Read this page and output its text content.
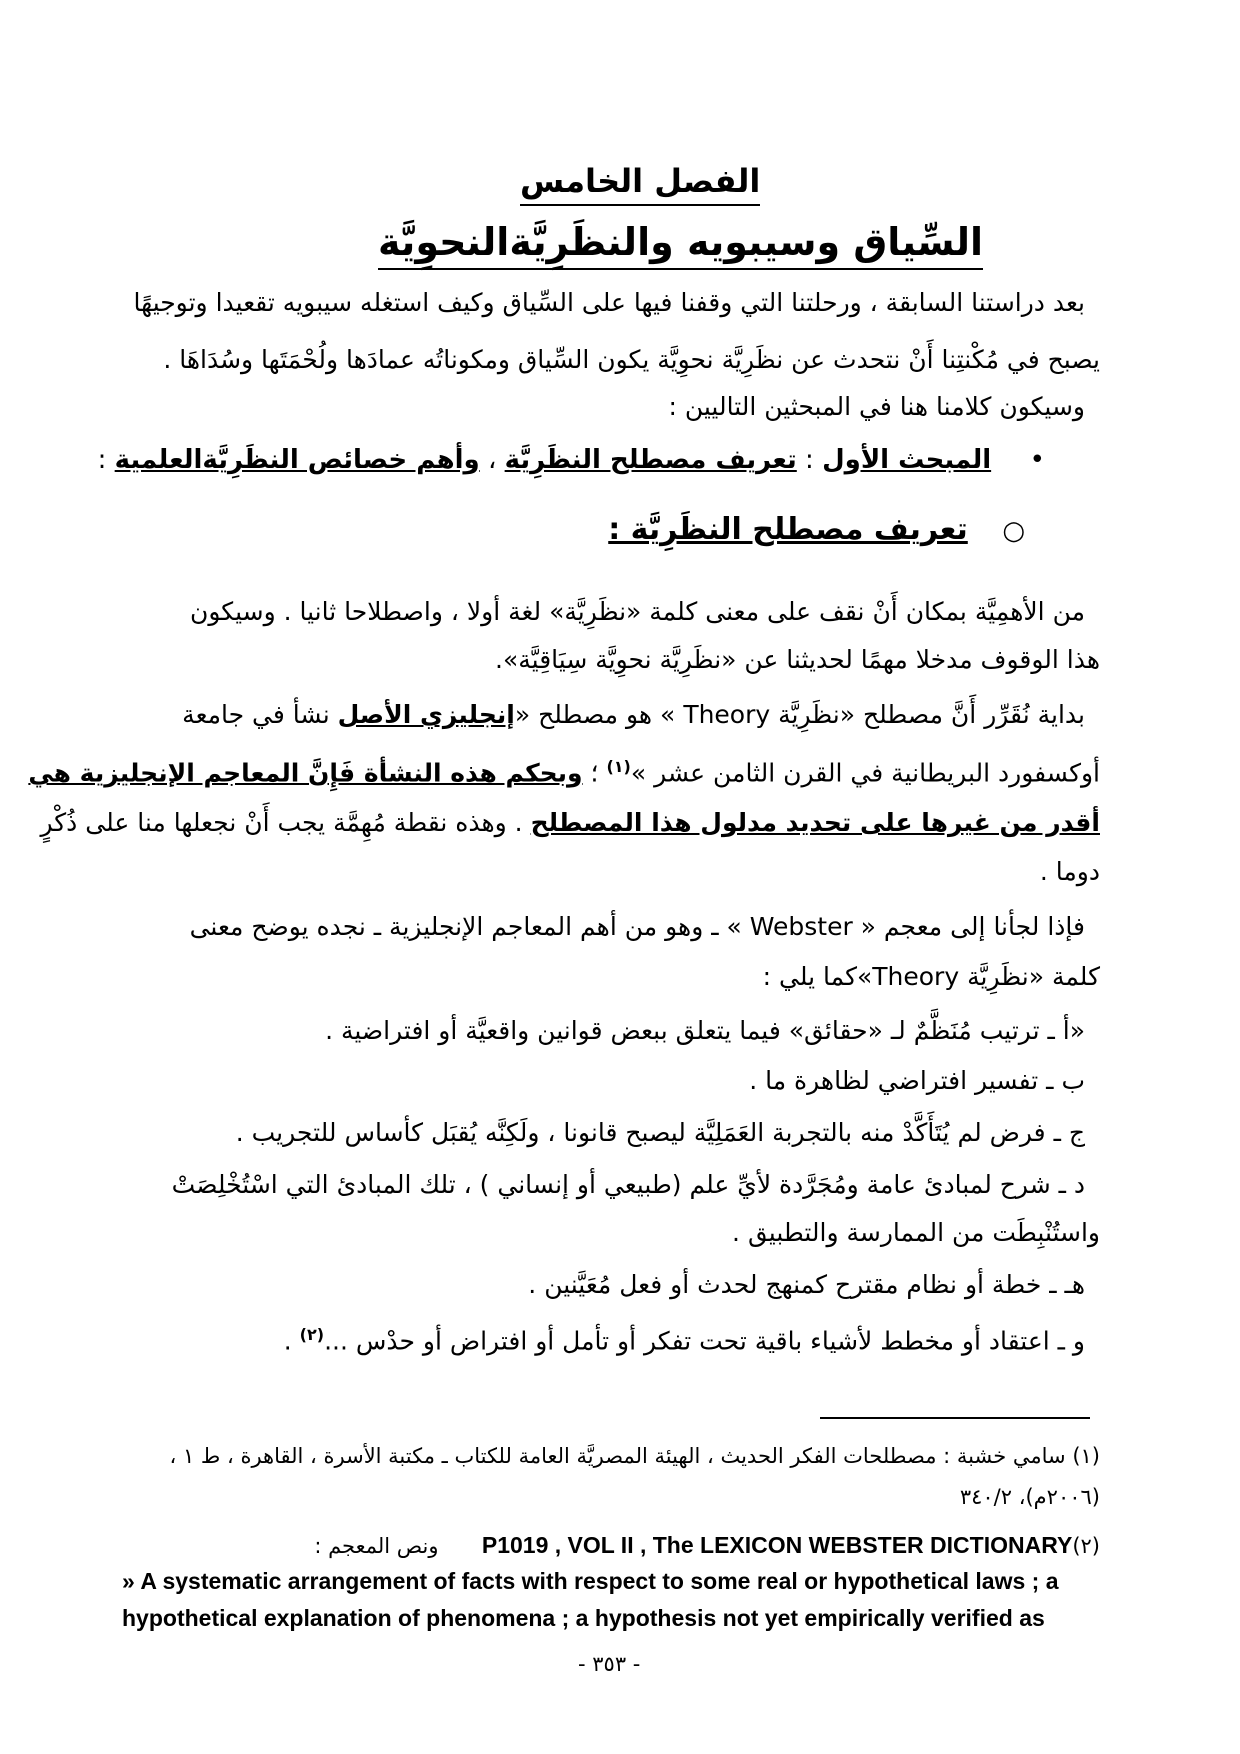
الفصل الخامس
السِّياق وسيبويه والنظَرِيَّةالنحوِيَّة
بعد دراستنا السابقة ، ورحلتنا التي وقفنا فيها على السِّياق وكيف استغله سيبويه تقعيدا وتوجيهًا
يصبح في مُكْنتِنا أَنْ نتحدث عن نظَرِيَّة نحوِيَّة يكون السِّياق ومكوناتُه عمادَها ولُحْمَتَها وسُدَاهَا .
وسيكون كلامنا هنا في المبحثين التاليين :
•  المبحث الأول : تعريف مصطلح النظَرِيَّة ، وأهم خصائص النظَرِيَّةالعلمية :
○  تعريف مصطلح النظَرِيَّة :
من الأهمِيَّة بمكان أَنْ نقف على معنى كلمة «نظَرِيَّة» لغة أولا ، واصطلاحا ثانيا . وسيكون
هذا الوقوف مدخلا مهمًا لحديثنا عن «نظَرِيَّة نحوِيَّة سِيَاقِيَّة».
بداية نُقَرِّر أَنَّ مصطلح «نظَرِيَّة Theory » هو مصطلح «إنجليزي الأصل نشأ في جامعة
أوكسفورد البريطانية في القرن الثامن عشر »$^{(١)}$ ؛ وبحكم هذه النشأة فَإِنَّ المعاجم الإنجليزية هي
أقدر من غيرها على تحديد مدلول هذا المصطلح . وهذه نقطة مُهِمَّة يجب أَنْ نجعلها منا على ذُكْرٍ
دوما .
فإذا لجأنا إلى معجم « Webster » ـ وهو من أهم المعاجم الإنجليزية ـ نجده يوضح معنى
كلمة «نظَرِيَّة Theory»كما يلي :
«أ ـ ترتيب مُنَظَّمٌ لـ «حقائق» فيما يتعلق ببعض قوانين واقعيَّة أو افتراضية .
ب ـ تفسير افتراضي لظاهرة ما .
ج ـ فرض لم يُتَأَكَّدْ منه بالتجربة العَمَلِيَّة ليصبح قانونا ، ولَكِنَّه يُقبَل كأساس للتجريب .
د ـ شرح لمبادئ عامة ومُجَرَّدة لأيِّ علم (طبيعي أو إنساني ) ، تلك المبادئ التي اسْتُخْلِصَتْ
واستُنْبِطَت من الممارسة والتطبيق .
هـ ـ خطة أو نظام مقترح كمنهج لحدث أو فعل مُعَيَّنين .
و ـ اعتقاد أو مخطط لأشياء باقية تحت تفكر أو تأمل أو افتراض أو حدْس ...$^{(٢)}$ .
(١) سامي خشبة : مصطلحات الفكر الحديث ، الهيئة المصريَّة العامة للكتاب ـ مكتبة الأسرة ، القاهرة ، ط ١ ،
(٢٠٠٦م)، ٣٤٠/٢
(٢)P1019 , VOL II , The LEXICON WEBSTER DICTIONARY  ونص المعجم :
» A systematic arrangement of facts with respect to some real or hypothetical laws ; a
hypothetical explanation of phenomena ; a hypothesis not yet empirically verified as
- ٣٥٣ -
